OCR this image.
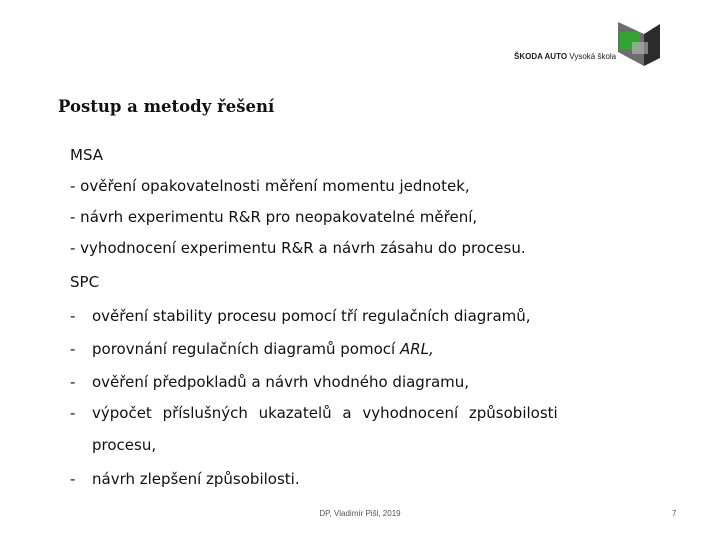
ŠKODA AUTO Vysoká škola
Postup a metody řešení
MSA
- ověření opakovatelnosti měření momentu jednotek,
- návrh experimentu R&R pro neopakovatelné měření,
- vyhodnocení experimentu R&R a návrh zásahu do procesu.
SPC
- ověření stability procesu pomocí tří regulačních diagramů,
- porovnání regulačních diagramů pomocí ARL,
- ověření předpokladů a návrh vhodného diagramu,
- výpočet příslušných ukazatelů a vyhodnocení způsobilosti
procesu,
- návrh zlepšení způsobilosti.
DP, Vladimír Pišl, 2019	7
